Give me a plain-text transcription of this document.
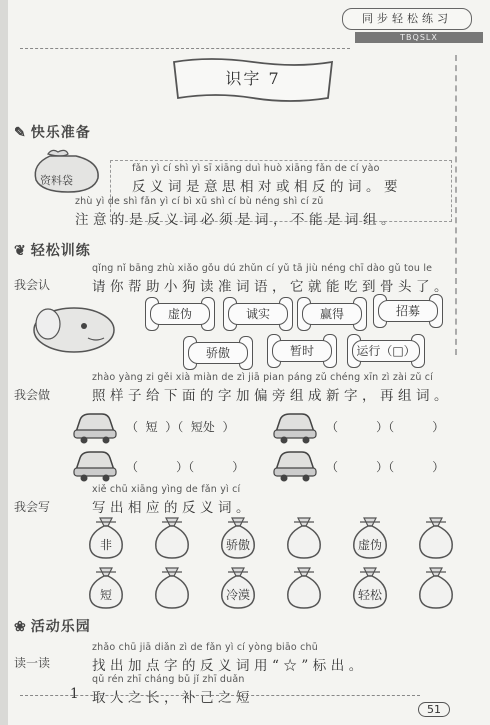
同步轻松练习
TBQSLX
识字 7
✎ 快乐准备
资料袋
fǎn yì cí shì yì sī xiāng duì huò xiāng fǎn de cí yào
反义词是意思相对或相反的词。要
zhù yì de shì fǎn yì cí bì xū shì cí bù néng shì cí zǔ
注意的是反义词必须是词，不能是词组。
❦ 轻松训练
我会认
qǐng nǐ bāng zhù xiǎo gǒu dú zhǔn cí yǔ tā jiù néng chī dào gǔ tou le
请你帮助小狗读准词语，它就能吃到骨头了。
虚伪	诚实	赢得	招募
骄傲	暂时	运行（□）
我会做
zhào yàng zi gěi xià miàn de zì jiā pian páng zǔ chéng xīn zì zài zǔ cí
照样子给下面的字加偏旁组成新字，再组词。
（  短  ）（  短处  ）	（          ）（          ）
（          ）（          ）	（          ）（          ）
我会写
xiě chū xiāng yìng de fǎn yì cí
写出相应的反义词。
非	骄傲	虚伪
短	冷漠	轻松
❀ 活动乐园
读一读
zhǎo chū jiā diǎn zì de fǎn yì cí yòng biāo chū
找出加点字的反义词用“☆”标出。
qǔ rén zhī cháng bǔ jǐ zhī duǎn
1 取人之长，补己之短
51
